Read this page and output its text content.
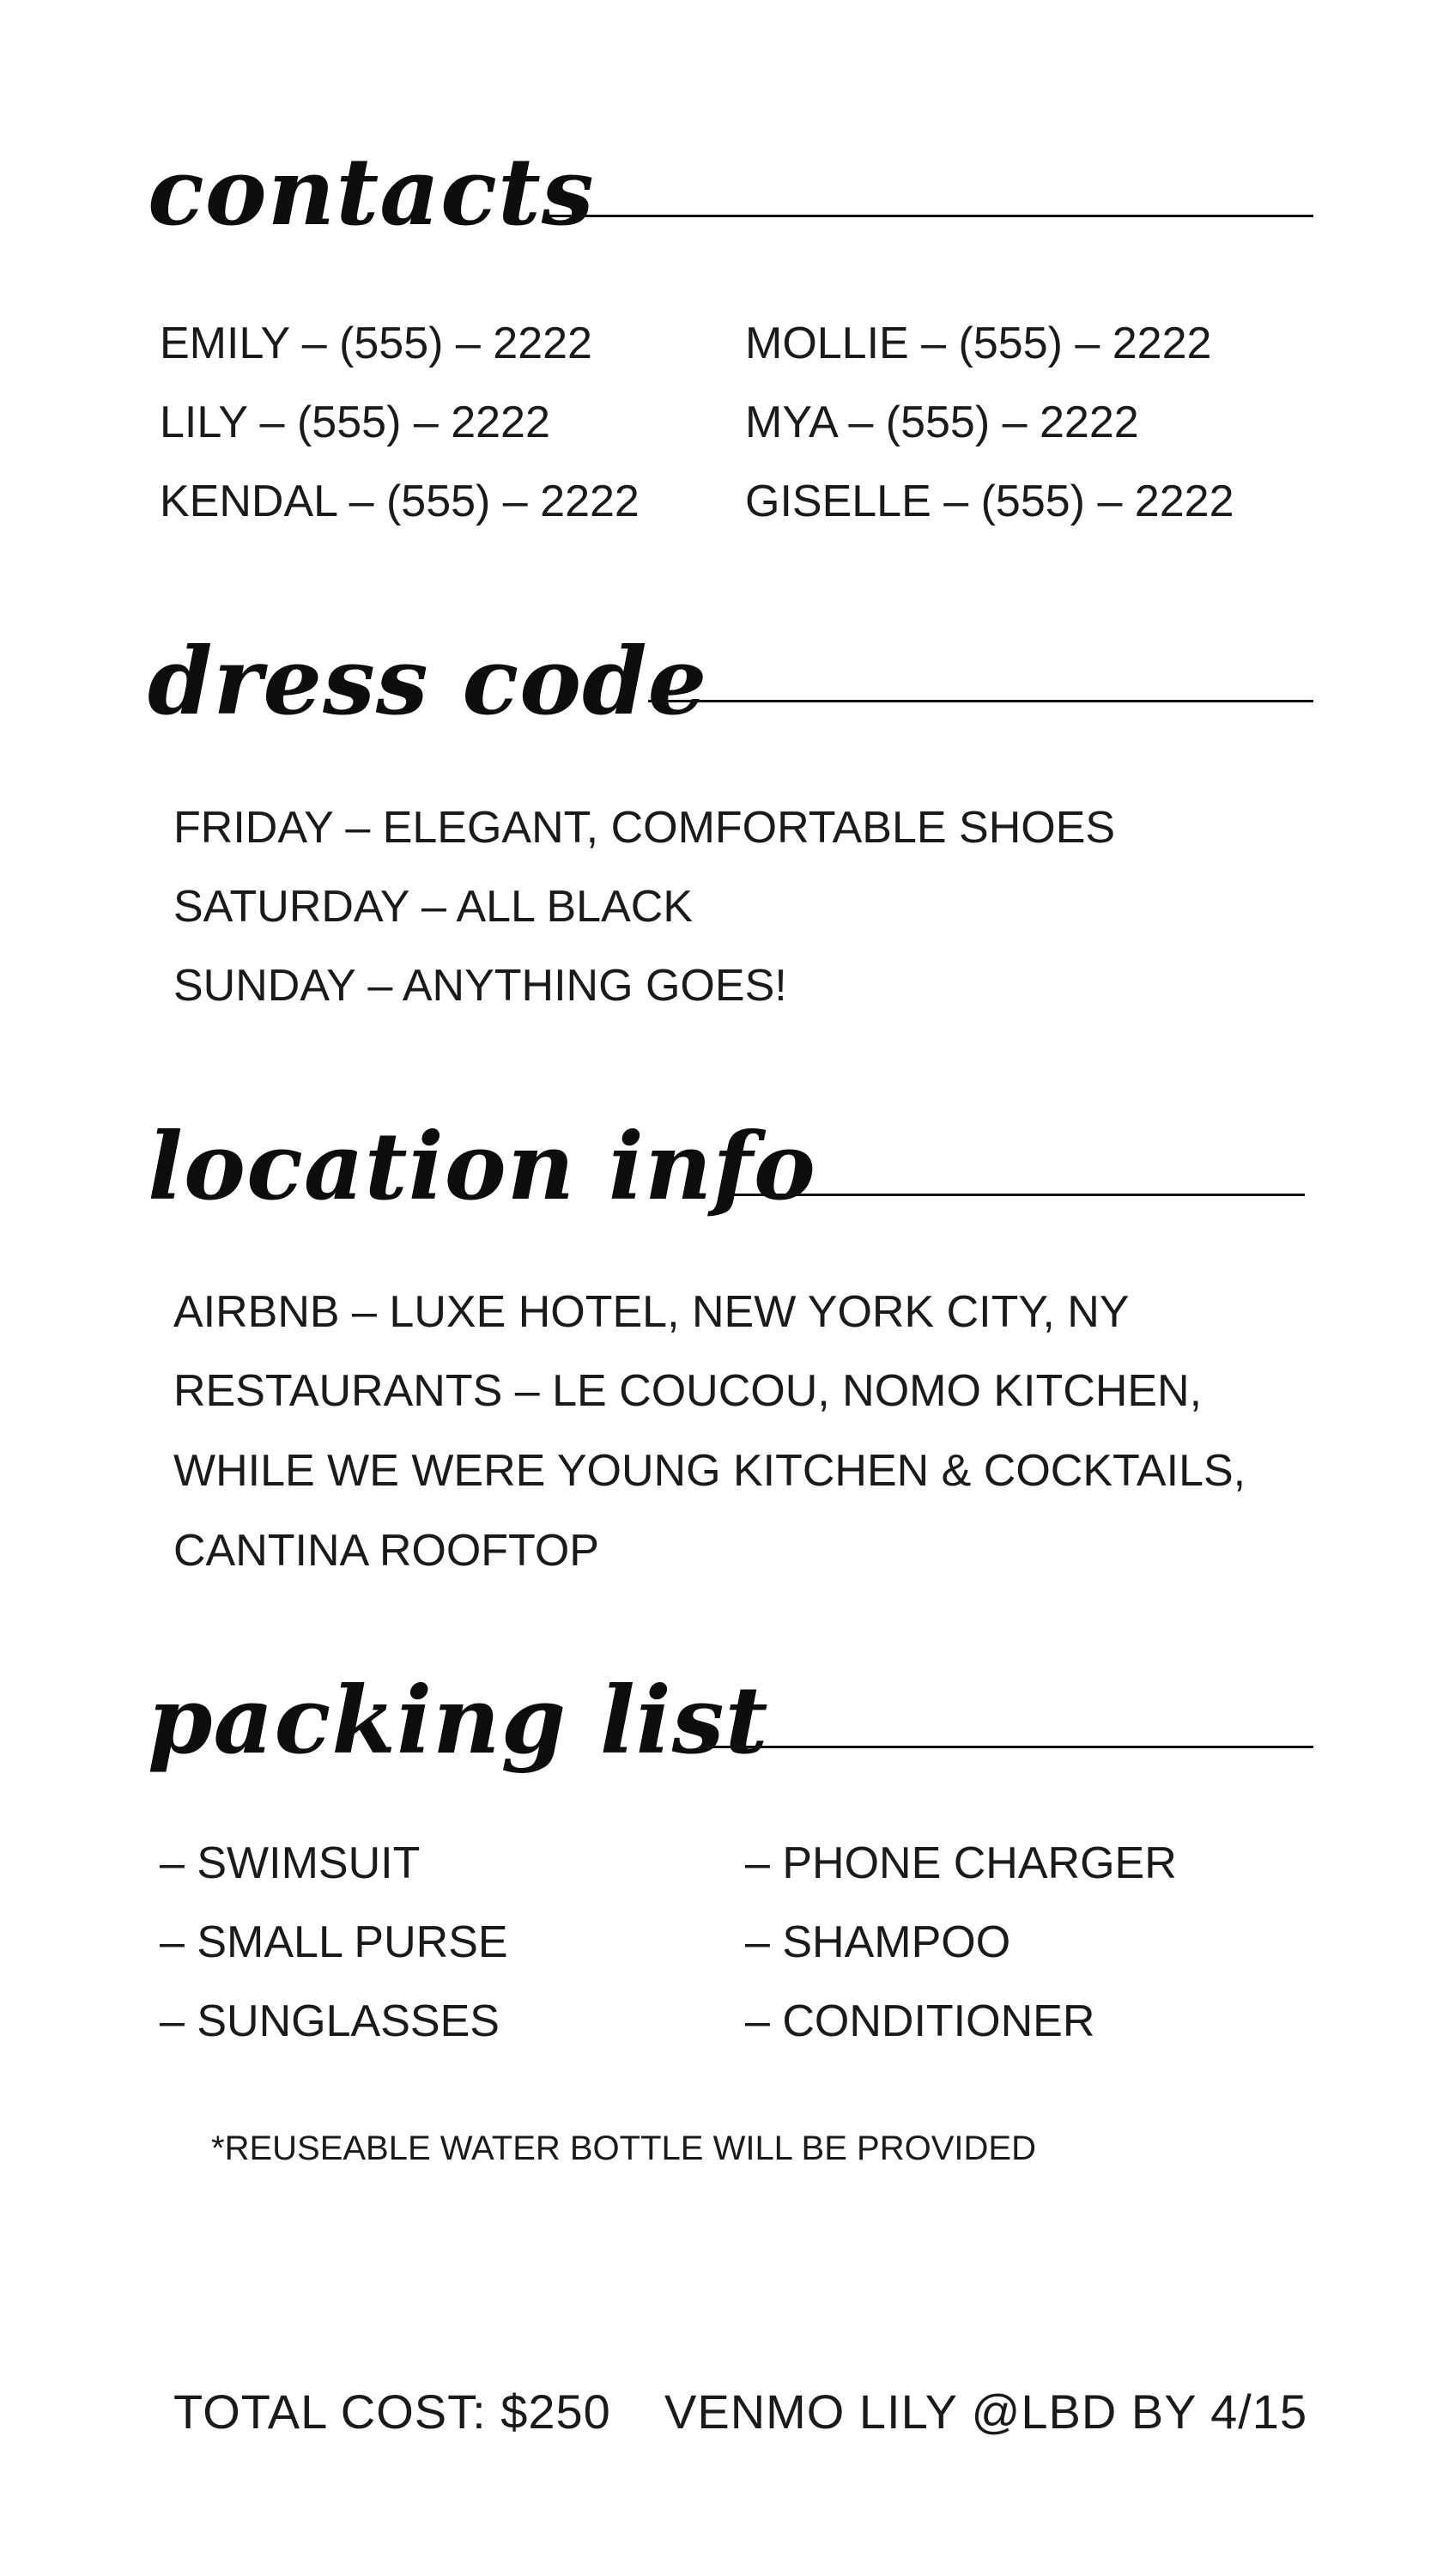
contacts
EMILY – (555) – 2222
LILY – (555) – 2222
KENDAL – (555) – 2222
MOLLIE – (555) – 2222
MYA – (555) – 2222
GISELLE – (555) – 2222
dress code
FRIDAY – ELEGANT, COMFORTABLE SHOES
SATURDAY – ALL BLACK
SUNDAY – ANYTHING GOES!
location info
AIRBNB – LUXE HOTEL, NEW YORK CITY, NY
RESTAURANTS – LE COUCOU, NOMO KITCHEN,
WHILE WE WERE YOUNG KITCHEN & COCKTAILS,
CANTINA ROOFTOP
packing list
– SWIMSUIT
– SMALL PURSE
– SUNGLASSES
– PHONE CHARGER
– SHAMPOO
– CONDITIONER
*REUSEABLE WATER BOTTLE WILL BE PROVIDED
TOTAL COST: $250 VENMO LILY @LBD BY 4/15
